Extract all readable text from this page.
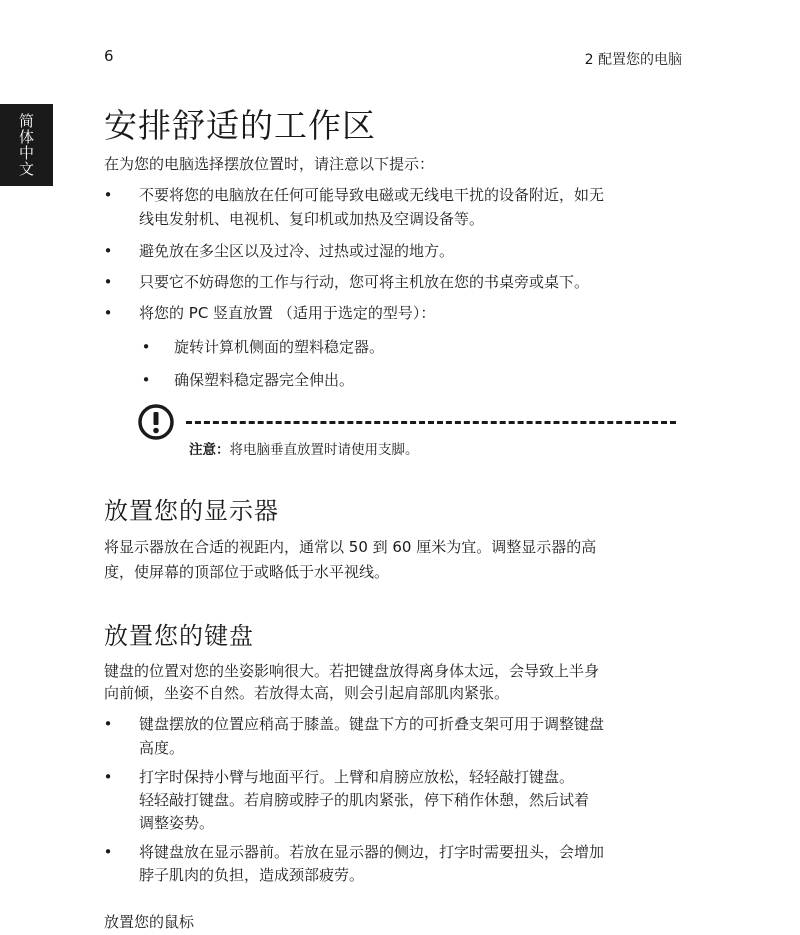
6	2 配置您的电脑
简体中文 安排舒适的工作区

在为您的电脑选择摆放位置时，请注意以下提示：

• 不要将您的电脑放在任何可能导致电磁或无线电干扰的设备附近，如无

线电发射机、电视机、复印机或加热及空调设备等。

• 避免放在多尘区以及过冷、过热或过湿的地方。

• 只要它不妨碍您的工作与行动，您可将主机放在您的书桌旁或桌下。

• 将您的 PC 竖直放置 （适用于选定的型号）：

• 旋转计算机侧面的塑料稳定器。

• 确保塑料稳定器完全伸出。

注意：将电脑垂直放置时请使用支脚。
放置您的显示器

将显示器放在合适的视距内，通常以 50 到 60 厘米为宜。调整显示器的高

度，使屏幕的顶部位于或略低于水平视线。

放置您的键盘

键盘的位置对您的坐姿影响很大。若把键盘放得离身体太远，会导致上半身

向前倾，坐姿不自然。若放得太高，则会引起肩部肌肉紧张。

• 键盘摆放的位置应稍高于膝盖。键盘下方的可折叠支架可用于调整键盘

高度。

• 打字时保持小臂与地面平行。上臂和肩膀应放松，轻轻敲打键盘。

轻轻敲打键盘。若肩膀或脖子的肌肉紧张，停下稍作休憩，然后试着

调整姿势。

• 将键盘放在显示器前。若放在显示器的侧边，打字时需要扭头，会增加

脖子肌肉的负担，造成颈部疲劳。

放置您的鼠标
